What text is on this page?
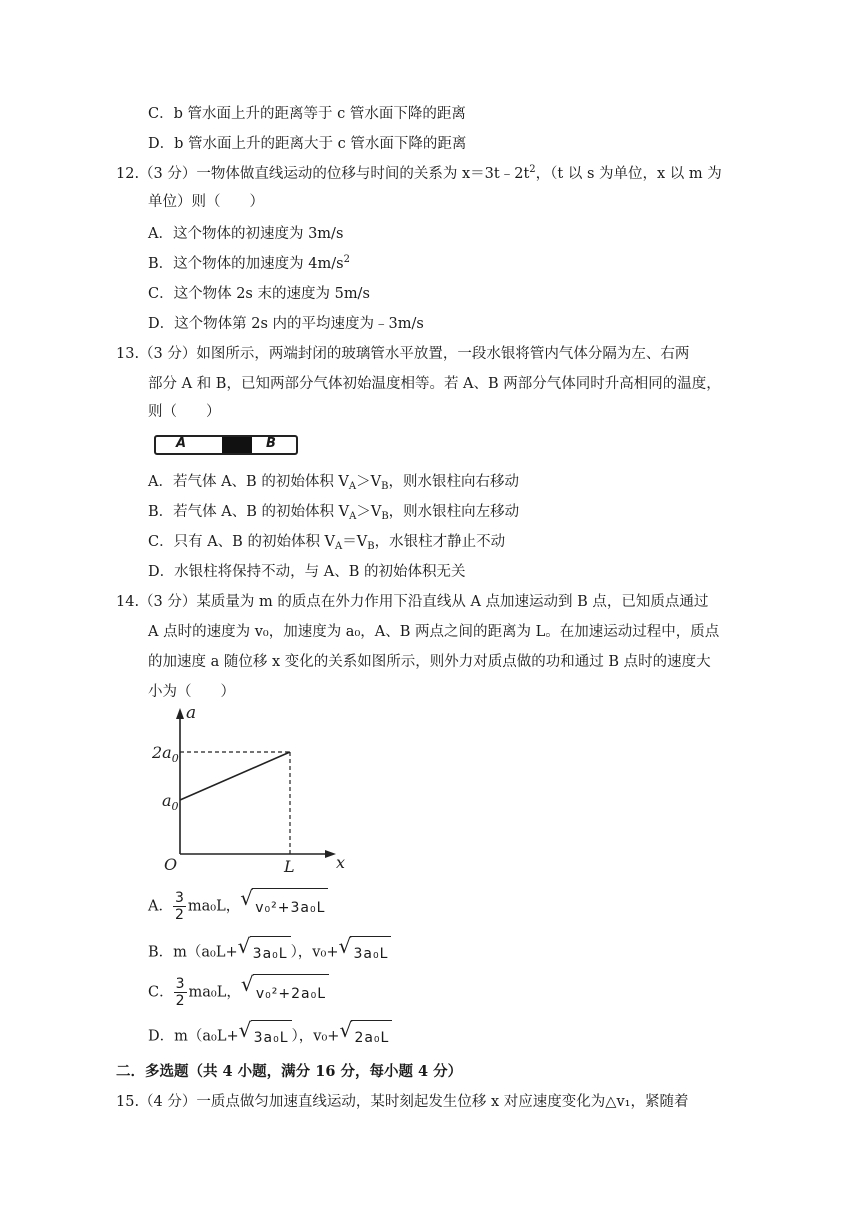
C．b 管水面上升的距离等于 c 管水面下降的距离
D．b 管水面上升的距离大于 c 管水面下降的距离
12.（3 分）一物体做直线运动的位移与时间的关系为 $x=3t﹣2t^2$，（t 以 s 为单位，x 以 m 为
单位）则（　　）
A．这个物体的初速度为 3m/s
B．这个物体的加速度为 $4m/s^2$
C．这个物体 2s 末的速度为 5m/s
D．这个物体第 2s 内的平均速度为﹣3m/s
13.（3 分）如图所示，两端封闭的玻璃管水平放置，一段水银将管内气体分隔为左、右两
部分 A 和 B，已知两部分气体初始温度相等。若 A、B 两部分气体同时升高相同的温度，
则（　　）
A	B
A．若气体 A、B 的初始体积 $V_A>V_B$，则水银柱向右移动
B．若气体 A、B 的初始体积 $V_A>V_B$，则水银柱向左移动
C．只有 A、B 的初始体积 $V_A=V_B$，水银柱才静止不动
D．水银柱将保持不动，与 A、B 的初始体积无关
14.（3 分）某质量为 m 的质点在外力作用下沿直线从 A 点加速运动到 B 点，已知质点通过
A 点时的速度为 v₀，加速度为 a₀，A、B 两点之间的距离为 L。在加速运动过程中，质点
的加速度 a 随位移 x 变化的关系如图所示，则外力对质点做的功和通过 B 点时的速度大
小为（　　）
a
x
O
$2a_0$
$a_0$
L
A． $\frac{3}{2} ma_0L$， √ v₀²+3a₀L
B．m（a₀L+ √ 3a₀L ），v₀+ √ 3a₀L
C． $\frac{3}{2} ma_0L$， √ v₀²+2a₀L
D．m（a₀L+ √ 3a₀L ），v₀+ √ 2a₀L
二．多选题（共 4 小题，满分 16 分，每小题 4 分）
15.（4 分）一质点做匀加速直线运动，某时刻起发生位移 x 对应速度变化为△v₁，紧随着
